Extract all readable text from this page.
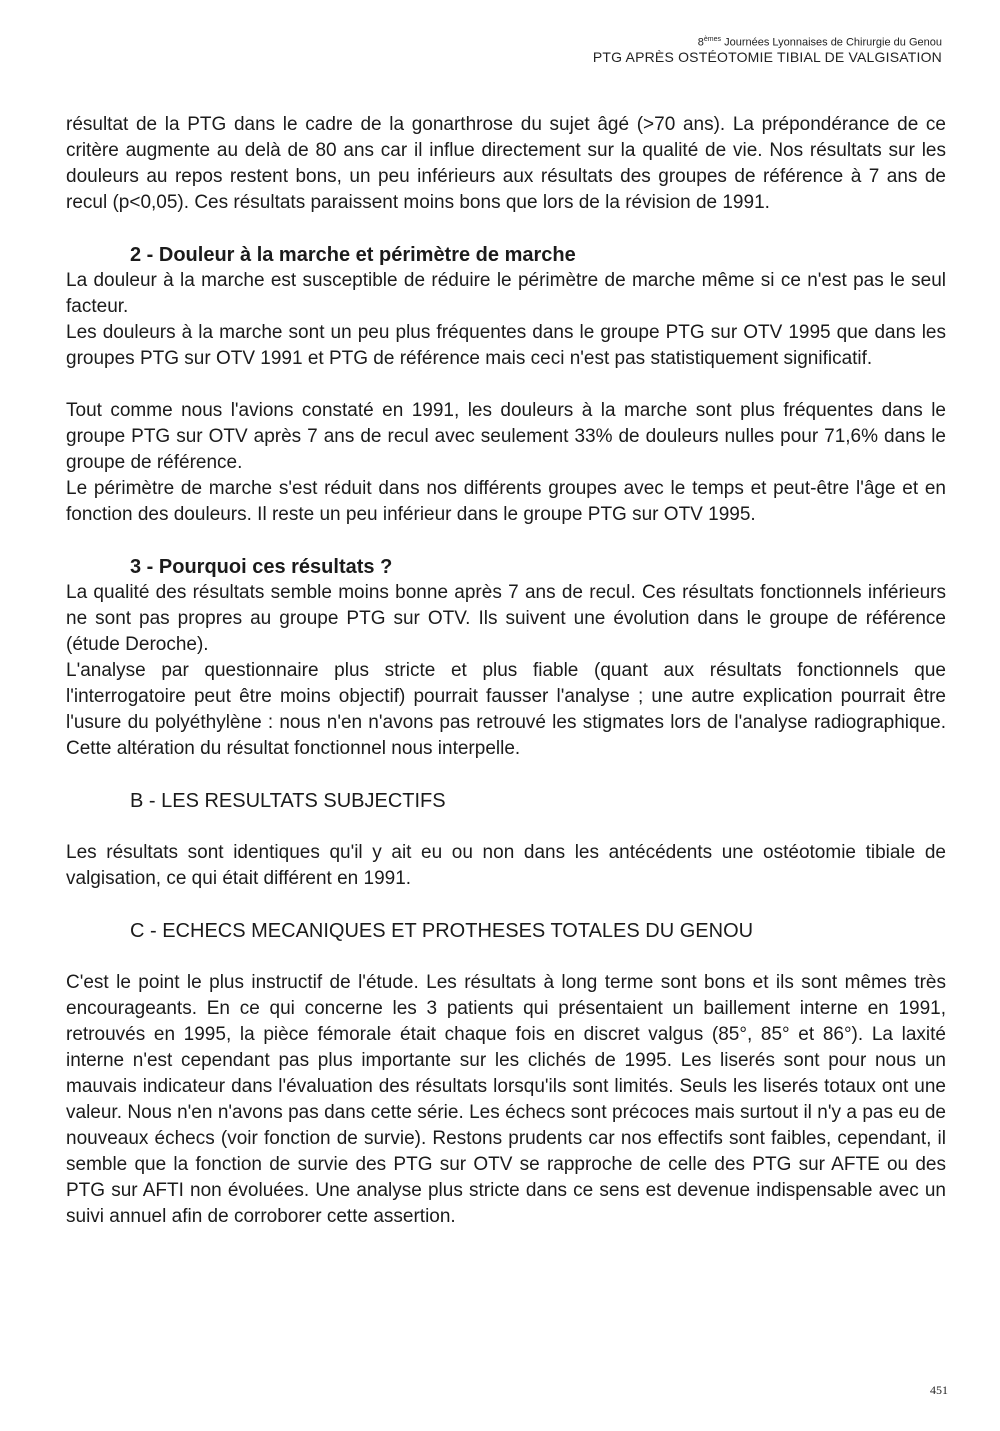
8èmes Journées Lyonnaises de Chirurgie du Genou
PTG APRÈS OSTÉOTOMIE TIBIAL DE VALGISATION

résultat de la PTG dans le cadre de la gonarthrose du sujet âgé (>70 ans). La prépondérance de ce critère augmente au delà de 80 ans car il influe directement sur la qualité de vie. Nos résultats sur les douleurs au repos restent bons, un peu inférieurs aux résultats des groupes de référence à 7 ans de recul (p<0,05). Ces résultats paraissent moins bons que lors de la révision de 1991.

2 - Douleur à la marche et périmètre de marche

La douleur à la marche est susceptible de réduire le périmètre de marche même si ce n'est pas le seul facteur.

Les douleurs à la marche sont un peu plus fréquentes dans le groupe PTG sur OTV 1995 que dans les groupes PTG sur OTV 1991 et PTG de référence mais ceci n'est pas statistiquement significatif.

Tout comme nous l'avions constaté en 1991, les douleurs à la marche sont plus fréquentes dans le groupe PTG sur OTV après 7 ans de recul avec seulement 33% de douleurs nulles pour 71,6% dans le groupe de référence.

Le périmètre de marche s'est réduit dans nos différents groupes avec le temps et peut-être l'âge et en fonction des douleurs. Il reste un peu inférieur dans le groupe PTG sur OTV 1995.

3 - Pourquoi ces résultats ?

La qualité des résultats semble moins bonne après 7 ans de recul. Ces résultats fonctionnels inférieurs ne sont pas propres au groupe PTG sur OTV. Ils suivent une évolution dans le groupe de référence (étude Deroche).

L'analyse par questionnaire plus stricte et plus fiable (quant aux résultats fonctionnels que l'interrogatoire peut être moins objectif) pourrait fausser l'analyse ; une autre explication pourrait être l'usure du polyéthylène : nous n'en n'avons pas retrouvé les stigmates lors de l'analyse radiographique. Cette altération du résultat fonctionnel nous interpelle.

B - LES RESULTATS SUBJECTIFS

Les résultats sont identiques qu'il y ait eu ou non dans les antécédents une ostéotomie tibiale de valgisation, ce qui était différent en 1991.

C - ECHECS MECANIQUES ET PROTHESES TOTALES DU GENOU

C'est le point le plus instructif de l'étude. Les résultats à long terme sont bons et ils sont mêmes très encourageants. En ce qui concerne les 3 patients qui présentaient un baillement interne en 1991, retrouvés en 1995, la pièce fémorale était chaque fois en discret valgus (85°, 85° et 86°). La laxité interne n'est cependant pas plus importante sur les clichés de 1995. Les liserés sont pour nous un mauvais indicateur dans l'évaluation des résultats lorsqu'ils sont limités. Seuls les liserés totaux ont une valeur. Nous n'en n'avons pas dans cette série. Les échecs sont précoces mais surtout il n'y a pas eu de nouveaux échecs (voir fonction de survie). Restons prudents car nos effectifs sont faibles, cependant, il semble que la fonction de survie des PTG sur OTV se rapproche de celle des PTG sur AFTE ou des PTG sur AFTI non évoluées. Une analyse plus stricte dans ce sens est devenue indispensable avec un suivi annuel afin de corroborer cette assertion.

451
